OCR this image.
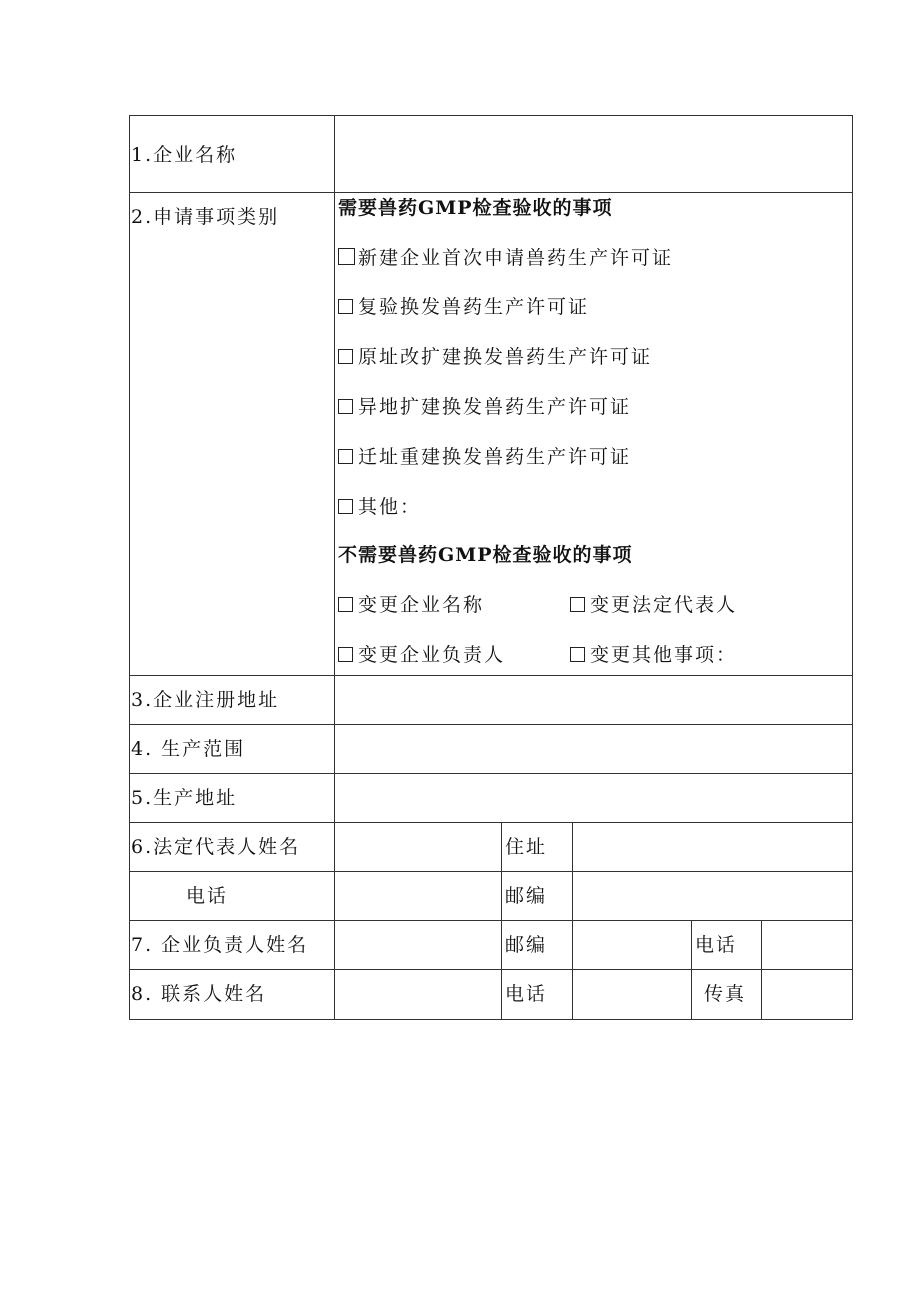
1.企业名称
2.申请事项类别	需要兽药GMP检查验收的事项
新建企业首次申请兽药生产许可证
复验换发兽药生产许可证
原址改扩建换发兽药生产许可证
异地扩建换发兽药生产许可证
迁址重建换发兽药生产许可证
其他：
不需要兽药GMP检查验收的事项
变更企业名称	变更法定代表人
变更企业负责人	变更其他事项：
3.企业注册地址
4. 生产范围
5.生产地址
6.法定代表人姓名	住址
电话	邮编
7. 企业负责人姓名	邮编	电话
8. 联系人姓名	电话	传真
